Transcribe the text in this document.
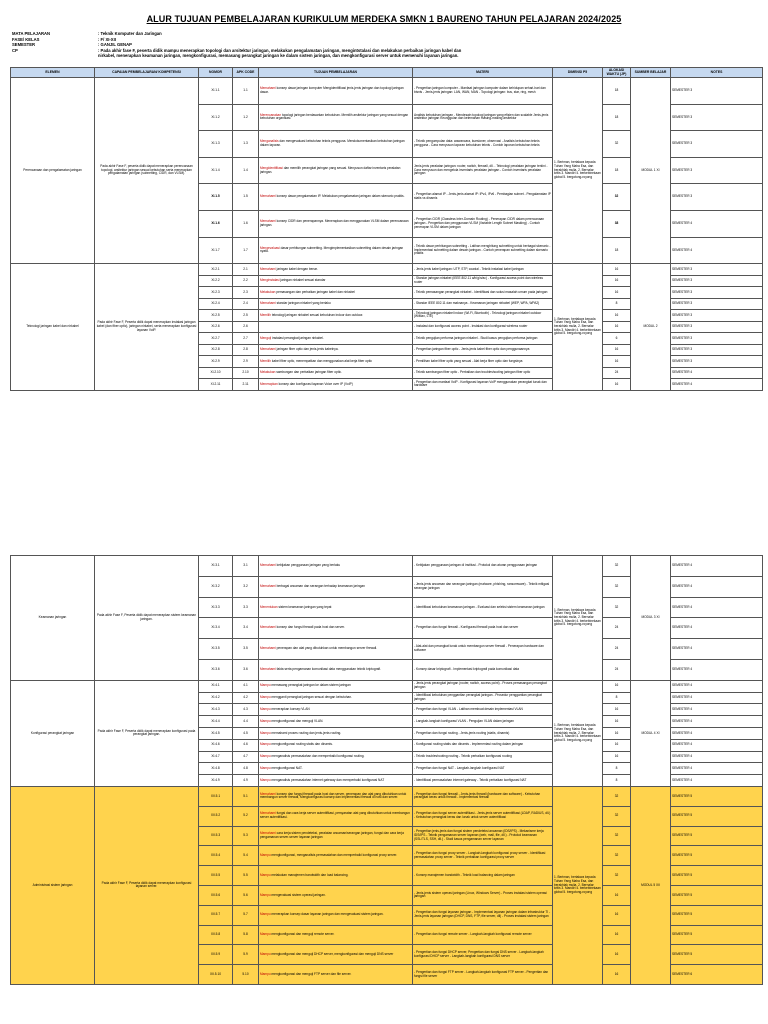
ALUR TUJUAN PEMBELAJARAN KURIKULUM MERDEKA SMKN 1 BAURENO TAHUN PELAJARAN 2024/2025
MATA PELAJARAN	: Teknik Komputer dan Jaringan
FASE/ KELAS	: F/ XI-XII
SEMESTER	: GANJIL GENAP
CP	: Pada akhir fase F, peserta didik mampu menerapkan topologi dan arsitektur jaringan, melakukan pengalamatan jaringan, mengintstalasi dan melakukan perbaikan jaringan kabel dan
nirkabel, menerapkan keamanan jaringan, mengkonfigurasi, memasang perangkat jaringan ke dalam sistem jaringan, dan mengkonfigurasi server untuk memenuhi layanan jaringan.
ELEMEN	CAPAIAN PEMBELAJARAN/ KOMPETENSI	NOMOR	APK CODE	TUJUAN PEMBELAJARAN	MATERI	DIMENSI P5	ALOKASI WAKTU (JP)	SUMBER BELAJAR	NOTES
Perencanaan dan pengalamatan jaringan	Pada akhir Fase F, peserta didik dapat menerapkan perencanaan topologi, arsitektur jaringan sesuai kebutuhan serta menerapkan pengalamatan jaringan (subnetting, CIDR, dan VLSM).	XI.1.1	1.1	Memahami konsep dasar jaringan komputer Mengidentifikasi jenis-jenis jaringan dan topologi jaringan dasar.	- Pengertian jaringan komputer - Manfaat jaringan komputer dalam kehidupan sehari-hari dan bisnis - Jenis-jenis jaringan: LAN, WAN, MAN - Topologi jaringan: bus, star, ring, mesh	1. Beriman, bertakwa kepada Tuhan Yang Maha Esa, dan berakhlak mulia, 2. Bernalar kritis 3. Mandiri 4. berkebinekaan global 5. bergotong-royong	18	MODUL 1 XI	SEMESTER 3
		XI.1.2	1.2	Merencanakan topologi jaringan berdasarkan kebutuhan. Memilih arsitektur jaringan yang sesuai dengan kebutuhan organisasi.	Analisis kebutuhan jaringan - Mendesain topologi jaringan yang efisien dan scalable Jenis-jenis arsitektur jaringan Keunggulan dan kelemahan masing-masing arsitektur		18		SEMESTER 3
		XI.1.3	1.3	Menganalisis dan mengevaluasi kebutuhan teknis pengguna. Mendokumentasikan kebutuhan jaringan dalam laporan.	- Teknik pengumpulan data: wawancara, kuesioner, observasi - Analisis kebutuhan teknis pengguna - Cara menyusun laporan kebutuhan teknis - Contoh laporan kebutuhan teknis		32		SEMESTER 3
		XI.1.4	1.4	Mengidentifikasi dan memilih perangkat jaringan yang sesuai. Menyusun daftar inventaris peralatan jaringan.	Jenis-jenis peralatan jaringan: router, switch, firewall, dll. - Teknologi peralatan jaringan terkini - Cara menyusun dan mengelola inventaris peralatan jaringan - Contoh inventaris peralatan jaringan		18		SEMESTER 3
		XI.1.5	1.5	Memahami konsep dasar pengalamatan IP. Melakukan pengalamatan jaringan dalam skenario praktis.	- Pengertian alamat IP - Jenis-jenis alamat IP: IPv4, IPv6 - Pembagian subnet - Pengalamatan IP statis vs dinamis		32		SEMESTER 3
		XI.1.6	1.6	Memahami konsep CIDR dan penerapannya. Menerapkan dan menggunakan VLSM dalam perencanaan jaringan.	- Pengertian CIDR (Classless Inter-Domain Routing) - Penerapan CIDR dalam perencanaan jaringan - Pengertian dan penggunaan VLSM (Variable Length Subnet Masking) - Contoh penerapan VLSM dalam jaringan		38		SEMESTER 4
		XI.1.7	1.7	Mengevaluasi dasar perhitungan subnetting. Mengimplementasikan subnetting dalam desain jaringan nyata.	- Teknik dasar perhitungan subnetting - Latihan menghitung subnetting untuk berbagai skenario - Implementasi subnetting dalam desain jaringan - Contoh penerapan subnetting dalam skenario praktis		18		SEMESTER 4
Teknologi jaringan kabel dan nirkabel	Pada akhir Fase F, Peserta didik dapat menerapkan instalasi jaringan kabel (dan fiber optic), jaringan nirkabel, serta menerapkan konfigurasi layanan VoIP.	XI.2.1	2.1	Memahami jaringan kabel dengan benar.	- Jenis-jenis kabel jaringan: UTP, STP, coaxial - Teknik instalasi kabel jaringan	1. Beriman, bertakwa kepada Tuhan Yang Maha Esa, dan berakhlak mulia, 2. Bernalar kritis 3. Mandiri 4. berkebinekaan global 5. bergotong-royong	16	MODUL 2	SEMESTER 3
		XI.2.2	2.2	Menginstalasi jaringan nirkabel sesuai standar	- Standar jaringan nirkabel (IEEE 802.11 a/b/g/n/ac) - Konfigurasi access point dan wireless router		16		SEMESTER 3
		XI.2.3	2.3	Melakukan pemasangan dan perbaikan jaringan kabel dan nirkabel	- Teknik pemasangan perangkat nirkabel - Identifikasi dan solusi masalah umum pada jaringan		16		SEMESTER 3
		XI.2.4	2.4	Memahami standar jaringan nirkabel yang berlaku	- Standar IEEE 802.11 dan maknanya - Keamanan jaringan nirkabel (WEP, WPA, WPA2)		8		SEMESTER 3
		XI.2.5	2.5	Memilih teknologi jaringan nirkabel sesuai kebutuhan indoor dan outdoor.	- Teknologi jaringan nirkabel indoor (Wi-Fi, Bluetooth) - Teknologi jaringan nirkabel outdoor (WiMax, LTE)		16		SEMESTER 3
		XI.2.6	2.6		- Instalasi dan konfigurasi access point - Instalasi dan konfigurasi wireless router		16		SEMESTER 3
		XI.2.7	2.7	Menguji instalasi perangkat jaringan nirkabel.	- Teknik pengujian performa jaringan nirkabel - Studi kasus pengujian performa jaringan		6		SEMESTER 3
		XI.2.8	2.8	Memahami jaringan fiber optic dan jenis-jenis kabelnya.	- Pengertian jaringan fiber optic - Jenis-jenis kabel fiber optic dan penggunaannya		16		SEMESTER 3
		XI.2.9	2.9	Memilih kabel fiber optic, menempatkan dan menggunakan alat kerja fiber optic	- Pemilihan kabel fiber optic yang sesuai - Alat kerja fiber optic dan fungsinya		16		SEMESTER 3
		XI.2.10	2.10	Melakukan sambungan dan perbaikan jaringan fiber optic.	- Teknik sambungan fiber optic - Perbaikan dan troubleshooting jaringan fiber optic		24		SEMESTER 4
		XI.2.11	2.11	Menerapkan konsep dan konfigurasi layanan Voice over IP (VoIP)	- Pengertian dan manfaat VoIP - Konfigurasi layanan VoIP menggunakan perangkat lunak dan hardware		16		SEMESTER 4
Keamanan jaringan	Pada akhir Fase F, Peserta didik dapat menerapkan sistem keamanan jaringan.	XI.3.1	3.1	Memahami kebijakan penggunaan jaringan yang berlaku	- Kebijakan penggunaan jaringan di institusi - Protokol dan aturan penggunaan jaringan	1. Beriman, bertakwa kepada Tuhan Yang Maha Esa, dan berakhlak mulia, 2. Bernalar kritis 3. Mandiri 4. berkebinekaan global 5. bergotong-royong	32	MODUL 3 XI	SEMESTER 4
		XI.3.2	3.2	Memahami berbagai ancaman dan serangan terhadap keamanan jaringan	- Jenis-jenis ancaman dan serangan jaringan (malware, phishing, ransomware) - Teknik mitigasi serangan jaringan		32		SEMESTER 4
		XI.3.3	3.3	Menentukan sistem keamanan jaringan yang tepat	- Identifikasi kebutuhan keamanan jaringan - Evaluasi dan seleksi sistem keamanan jaringan		32		SEMESTER 4
		XI.3.4	3.4	Memahami konsep dan fungsi firewall pada host dan server.	- Pengertian dan fungsi firewall - Konfigurasi firewall pada host dan server		24		SEMESTER 4
		XI.3.5	3.5	Memahami penerapan dan alat yang dibutuhkan untuk membangun server firewall.	- Alat-alat dan perangkat lunak untuk membangun server firewall - Penerapan hardware dan software		24		SEMESTER 4
		XI.3.6	3.6	Memahami fakta serta pengamanan komunikasi data menggunakan teknik kriptografi.	- Konsep dasar kriptografi - Implementasi kriptografi pada komunikasi data		24		SEMESTER 4
Konfigurasi perangkat jaringan	Pada akhir Fase F, Peserta didik dapat menerapkan konfigurasi pada perangkat jaringan.	XI.4.1	4.1	Mampu memasang perangkat jaringan ke dalam sistem jaringan	- Jenis-jenis perangkat jaringan (router, switch, access point) - Proses pemasangan perangkat jaringan	1. Beriman, bertakwa kepada Tuhan Yang Maha Esa, dan berakhlak mulia, 2. Bernalar kritis 3. Mandiri 4. berkebinekaan global 5. bergotong-royong	16	MODUL 4 XI	SEMESTER 4
		XI.4.2	4.2	Mampu mengganti perangkat jaringan sesuai dengan kebutuhan.	- Identifikasi kebutuhan penggantian perangkat jaringan - Prosedur penggantian perangkat jaringan		8		SEMESTER 4
		XI.4.3	4.3	Mampu menerapkan konsep VLAN	- Pengertian dan fungsi VLAN - Latihan membuat desain implementasi VLAN		16		SEMESTER 4
		XI.4.4	4.4	Mampu mengkonfigurasi dan menguji VLAN.	- Langkah-langkah konfigurasi VLAN - Pengujian VLAN dalam jaringan		16		SEMESTER 4
		XI.4.5	4.5	Mampu memahami proses routing dan jenis-jenis routing.	- Pengertian dan fungsi routing - Jenis-jenis routing (statis, dinamis)		16		SEMESTER 4
		XI.4.6	4.6	Mampu mengkonfigurasi routing statis dan dinamis.	- Konfigurasi routing statis dan dinamis - Implementasi routing dalam jaringan		16		SEMESTER 4
		XI.4.7	4.7	Mampu menganalisis permasalahan dan memperbaiki konfigurasi routing.	- Teknik troubleshooting routing - Teknik perbaikan konfigurasi routing		16		SEMESTER 4
		XI.4.8	4.8	Mampu mengkonfigurasi NAT.	- Pengertian dan fungsi NAT - Langkah-langkah konfigurasi NAT		8		SEMESTER 4
		XI.4.9	4.9	Mampu menganalisis permasalahan internet gateway dan memperbaiki konfigurasi NAT	- Identifikasi permasalahan internet gateway - Teknik perbaikan konfigurasi NAT		8		SEMESTER 4
Administrasi sistem jaringan	Pada akhir Fase F, Peserta didik dapat menerapkan konfigurasi layanan server.	XII.5.1	5.1	Memahami konsep dan fungsi firewall pada host dan server, penerapan dan alat yang dibutuhkan untuk membangun server firewall, Mengkonfigurasi konsep dan implementasi firewall di host dan server.	- Pengertian dan fungsi firewall - Jenis-jenis firewall (hardware dan software) - Kebutuhan perangkat keras untuk firewall - Implementasi firewall	1. Beriman, bertakwa kepada Tuhan Yang Maha Esa, dan berakhlak mulia, 2. Bernalar kritis 3. Mandiri 4. berkebinekaan global 5. bergotong-royong	32	MODUL 5 XII	SEMESTER 5
		XII.5.2	5.2	Memahami fungsi dan cara kerja server autentifikasi, persyaratan alat yang dibutuhkan untuk membangun server autentifikasi.	- Pengertian dan fungsi server autentifikasi - Jenis-jenis server autentifikasi (LDAP, RADIUS, dll.) - Kebutuhan perangkat keras dan lunak untuk server autentifikasi		32		SEMESTER 5
		XII.5.3	5.3	Memahami cara kerja sistem pendeteksi, peralatan ancaman/serangan jaringan, fungsi dan cara kerja pengamanan server-server layanan jaringan	- Pengertian jenis-jenis dan fungsi sistem pendeteksi ancaman (IDS/IPS) - Mekanisme kerja IDS/IPS - Teknik pengamanan server layanan (web, mail, file, dll.) - Protokol keamanan (SSL/TLS, SSH, dll.) - Studi kasus pengamanan server layanan		32		SEMESTER 5
		XII.5.4	5.4	Mampu mengkonfigurasi, menganalisis permasalahan dan memperbaiki konfigurasi proxy server.	- Pengertian dan fungsi proxy server - Langkah-langkah konfigurasi proxy server - Identifikasi permasalahan proxy server - Teknik perbaikan konfigurasi proxy server		32		SEMESTER 5
		XII.5.5	5.5	Mampu melakukan manajemen bandwidth dan load balancing.	- Konsep manajemen bandwidth - Teknik load balancing dalam jaringan		32		SEMESTER 5
		XII.5.6	5.6	Mampu mengevaluasi sistem operasi jaringan.	- Jenis-jenis sistem operasi jaringan (Linux, Windows Server) - Proses instalasi sistem operasi jaringan		16		SEMESTER 5
		XII.5.7	5.7	Mampu menerapkan konsep dasar layanan jaringan dan mengevaluasi sistem jaringan.	- Pengertian dan fungsi layanan jaringan - Implementasi layanan jaringan dalam infrastruktur TI - Jenis-jenis layanan jaringan (DHCP, DNS, FTP, file server, dll) - Proses instalasi sistem jaringan		16		SEMESTER 5
		XII.5.8	5.8	Mampu mengkonfigurasi dan menguji remote server.	- Pengertian dan fungsi remote server - Langkah-langkah konfigurasi remote server		16		SEMESTER 5
		XII.5.9	5.9	Mampu mengkonfigurasi dan menguji DHCP server, mengkonfigurasi dan menguji DNS server	- Pengertian dan fungsi DHCP server, Pengertian dan fungsi DNS server - Langkah-langkah konfigurasi DHCP server - Langkah-langkah konfigurasi DNS server		16		SEMESTER 5
		XII.5.10	5.10	Mampu mengkonfigurasi dan menguji FTP server dan file server.	- Pengertian dan fungsi FTP server - Langkah-langkah konfigurasi FTP server - Pengertian dan fungsi file server		16		SEMESTER 6
